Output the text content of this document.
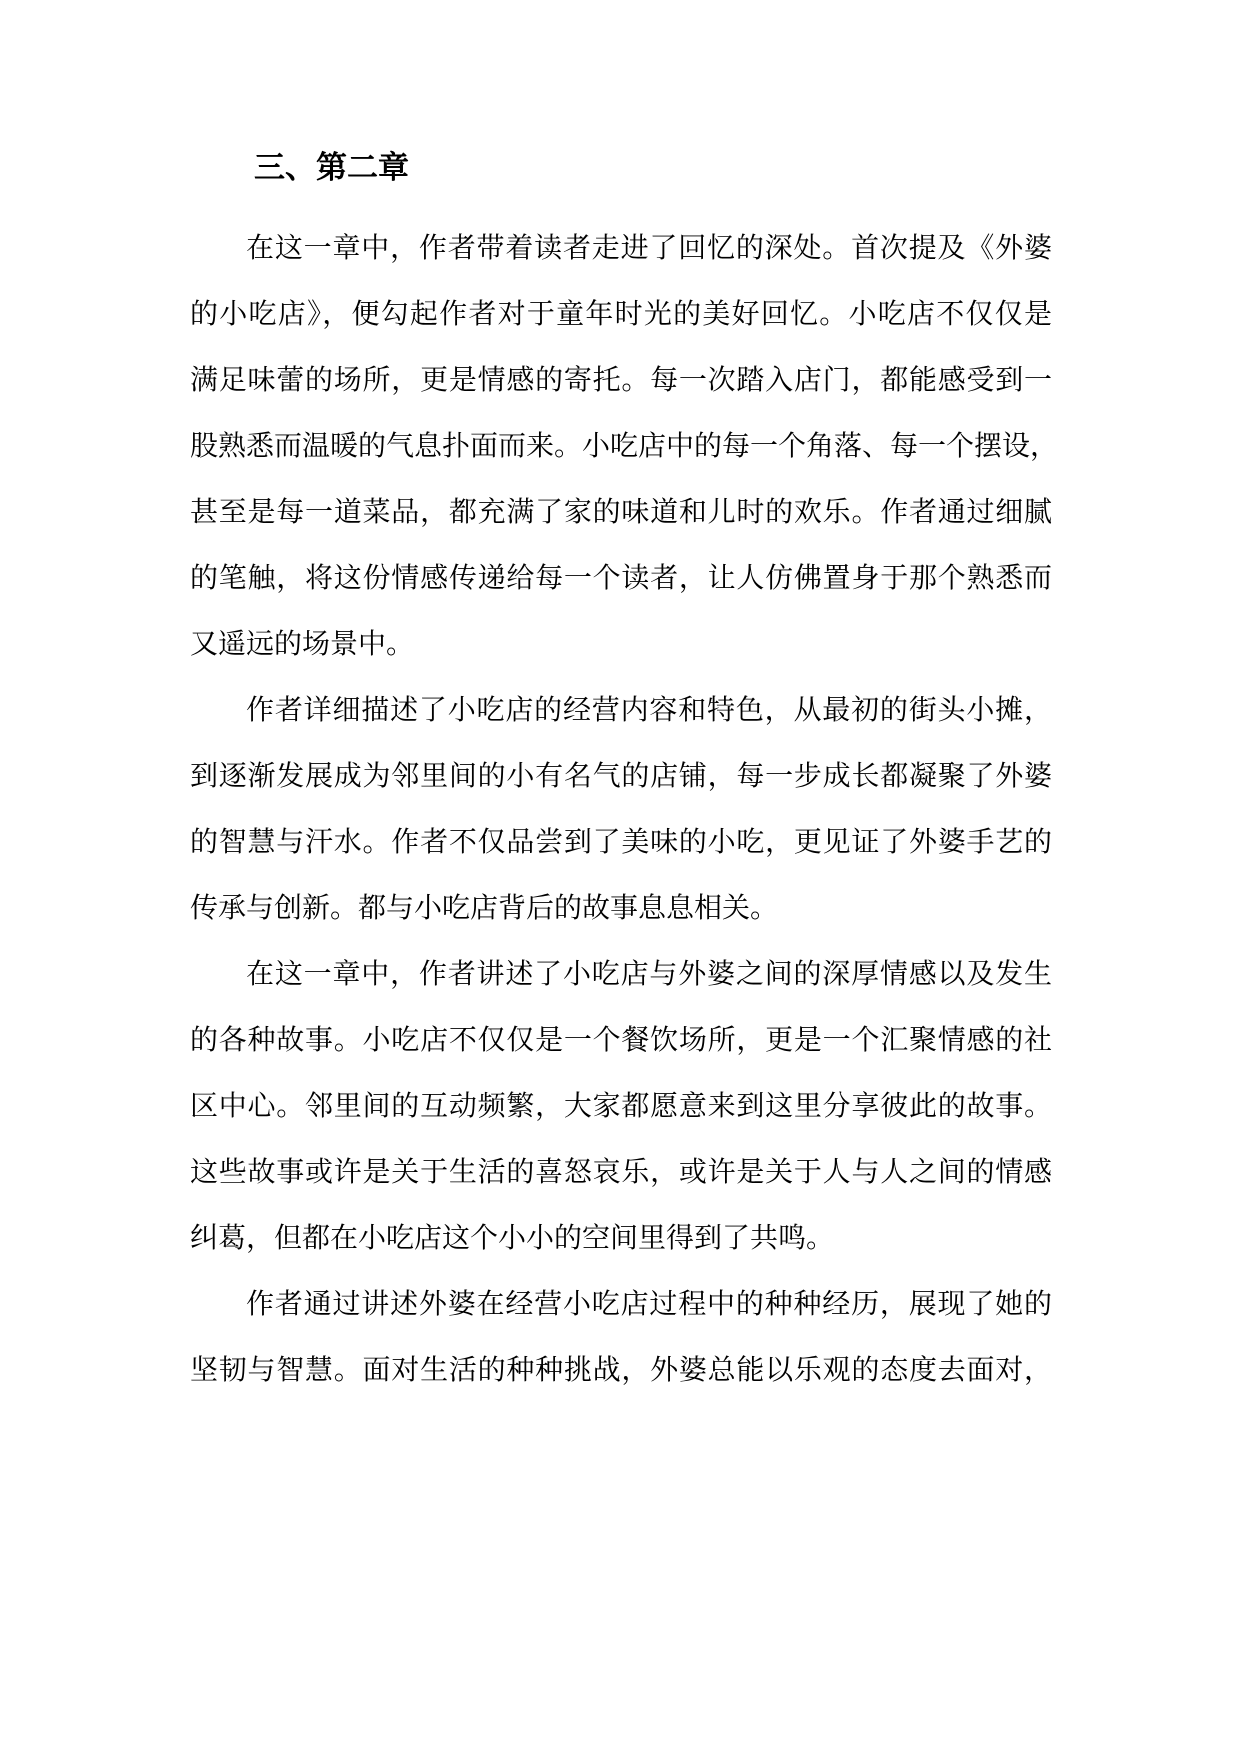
三、第二章
在这一章中，作者带着读者走进了回忆的深处。首次提及《外婆
的小吃店》，便勾起作者对于童年时光的美好回忆。小吃店不仅仅是
满足味蕾的场所，更是情感的寄托。每一次踏入店门，都能感受到一
股熟悉而温暖的气息扑面而来。小吃店中的每一个角落、每一个摆设，
甚至是每一道菜品，都充满了家的味道和儿时的欢乐。作者通过细腻
的笔触，将这份情感传递给每一个读者，让人仿佛置身于那个熟悉而
又遥远的场景中。
作者详细描述了小吃店的经营内容和特色，从最初的街头小摊，
到逐渐发展成为邻里间的小有名气的店铺，每一步成长都凝聚了外婆
的智慧与汗水。作者不仅品尝到了美味的小吃，更见证了外婆手艺的
传承与创新。都与小吃店背后的故事息息相关。
在这一章中，作者讲述了小吃店与外婆之间的深厚情感以及发生
的各种故事。小吃店不仅仅是一个餐饮场所，更是一个汇聚情感的社
区中心。邻里间的互动频繁，大家都愿意来到这里分享彼此的故事。
这些故事或许是关于生活的喜怒哀乐，或许是关于人与人之间的情感
纠葛，但都在小吃店这个小小的空间里得到了共鸣。
作者通过讲述外婆在经营小吃店过程中的种种经历，展现了她的
坚韧与智慧。面对生活的种种挑战，外婆总能以乐观的态度去面对，
